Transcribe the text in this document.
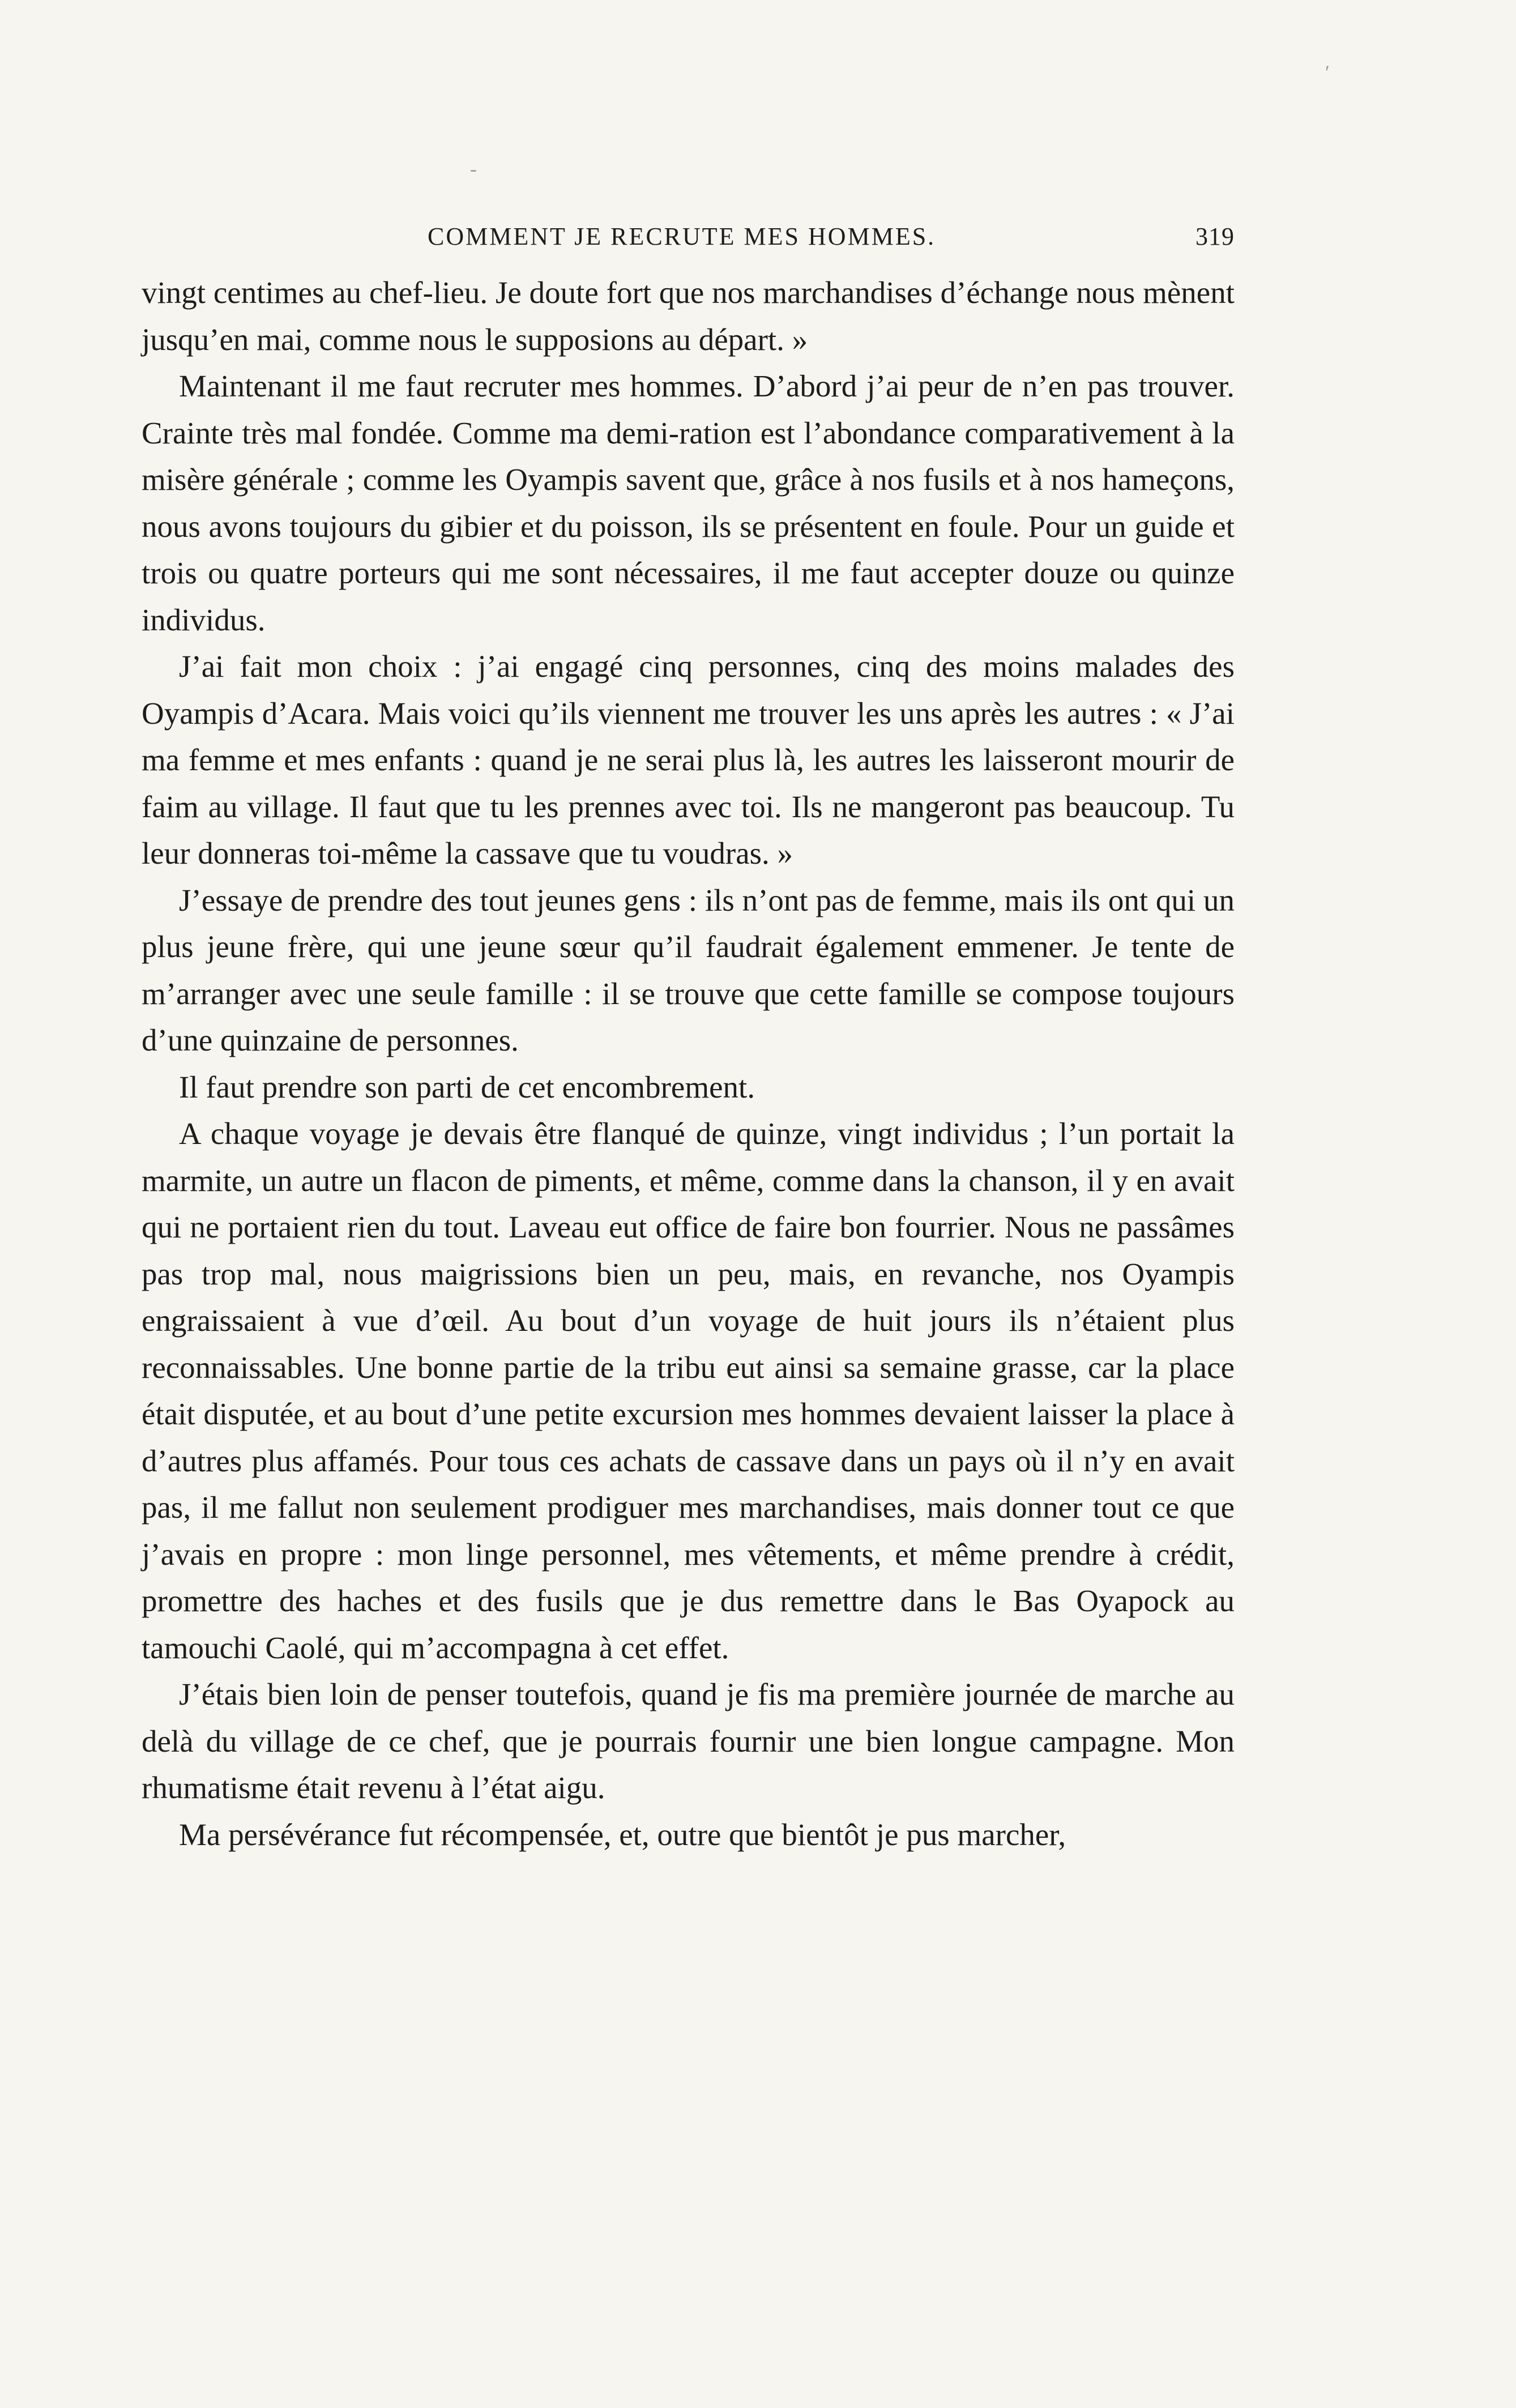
′
-
COMMENT JE RECRUTE MES HOMMES.	319

vingt centimes au chef-lieu. Je doute fort que nos marchandises d’échange nous mènent jusqu’en mai, comme nous le supposions au départ. »

Maintenant il me faut recruter mes hommes. D’abord j’ai peur de n’en pas trouver. Crainte très mal fondée. Comme ma demi-ration est l’abondance comparativement à la misère générale ; comme les Oyampis savent que, grâce à nos fusils et à nos hameçons, nous avons toujours du gibier et du poisson, ils se présentent en foule. Pour un guide et trois ou quatre porteurs qui me sont nécessaires, il me faut accepter douze ou quinze individus.

J’ai fait mon choix : j’ai engagé cinq personnes, cinq des moins malades des Oyampis d’Acara. Mais voici qu’ils viennent me trouver les uns après les autres : « J’ai ma femme et mes enfants : quand je ne serai plus là, les autres les laisseront mourir de faim au village. Il faut que tu les prennes avec toi. Ils ne mangeront pas beaucoup. Tu leur donneras toi-même la cassave que tu voudras. »

J’essaye de prendre des tout jeunes gens : ils n’ont pas de femme, mais ils ont qui un plus jeune frère, qui une jeune sœur qu’il faudrait également emmener. Je tente de m’arranger avec une seule famille : il se trouve que cette famille se compose toujours d’une quinzaine de personnes.

Il faut prendre son parti de cet encombrement.

A chaque voyage je devais être flanqué de quinze, vingt individus ; l’un portait la marmite, un autre un flacon de piments, et même, comme dans la chanson, il y en avait qui ne portaient rien du tout. Laveau eut office de faire bon fourrier. Nous ne passâmes pas trop mal, nous maigrissions bien un peu, mais, en revanche, nos Oyampis engraissaient à vue d’œil. Au bout d’un voyage de huit jours ils n’étaient plus reconnaissables. Une bonne partie de la tribu eut ainsi sa semaine grasse, car la place était disputée, et au bout d’une petite excursion mes hommes devaient laisser la place à d’autres plus affamés. Pour tous ces achats de cassave dans un pays où il n’y en avait pas, il me fallut non seulement prodiguer mes marchandises, mais donner tout ce que j’avais en propre : mon linge personnel, mes vêtements, et même prendre à crédit, promettre des haches et des fusils que je dus remettre dans le Bas Oyapock au tamouchi Caolé, qui m’accompagna à cet effet.

J’étais bien loin de penser toutefois, quand je fis ma première journée de marche au delà du village de ce chef, que je pourrais fournir une bien longue campagne. Mon rhumatisme était revenu à l’état aigu.

Ma persévérance fut récompensée, et, outre que bientôt je pus marcher,
